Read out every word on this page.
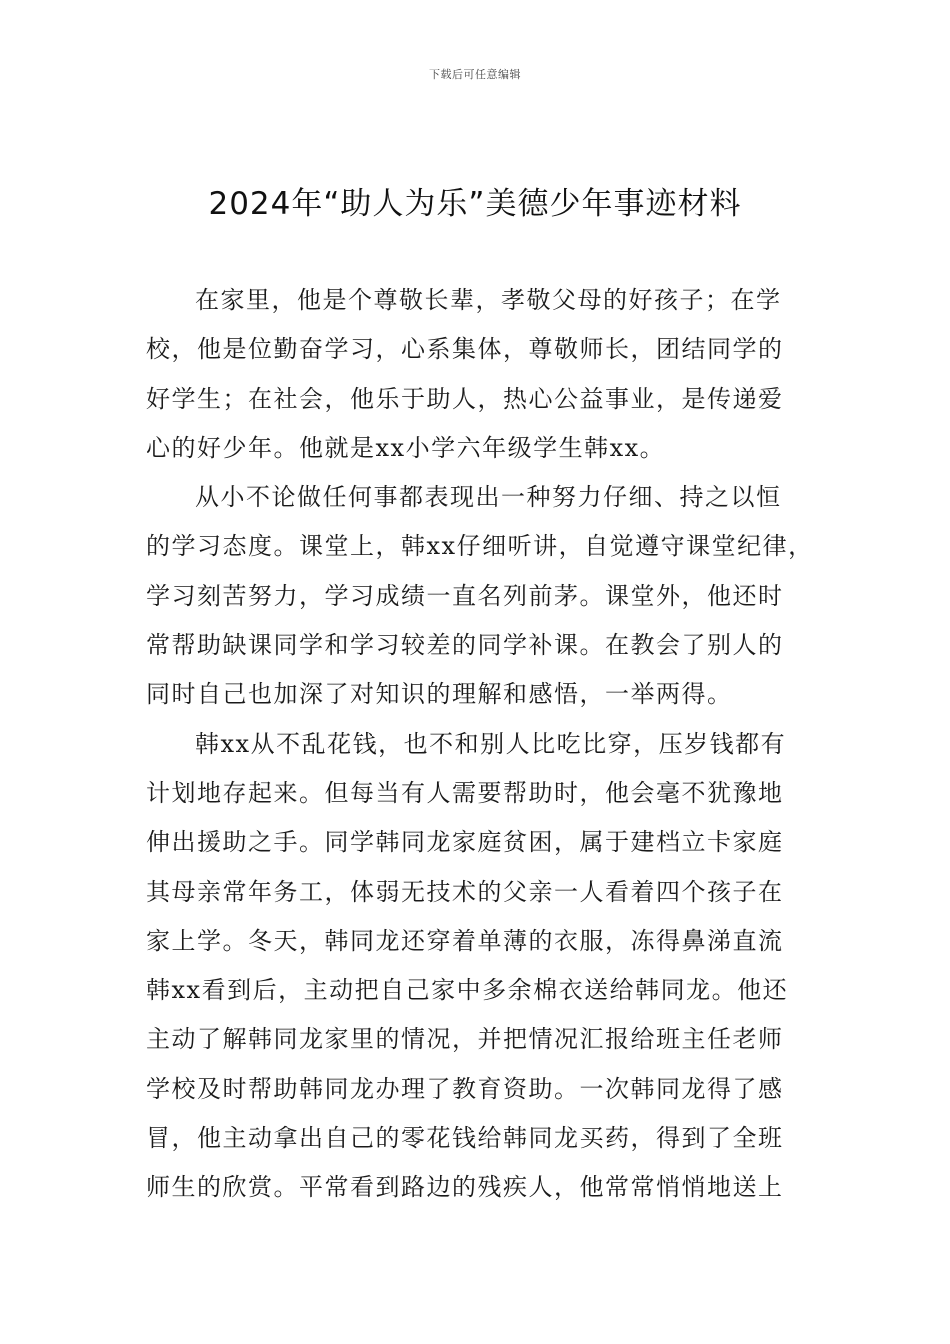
下载后可任意编辑
2024年“助人为乐”美德少年事迹材料
在家里，他是个尊敬长辈，孝敬父母的好孩子；在学
校，他是位勤奋学习，心系集体，尊敬师长，团结同学的
好学生；在社会，他乐于助人，热心公益事业，是传递爱
心的好少年。他就是xx小学六年级学生韩xx。
从小不论做任何事都表现出一种努力仔细、持之以恒
的学习态度。课堂上，韩xx仔细听讲，自觉遵守课堂纪律，
学习刻苦努力，学习成绩一直名列前茅。课堂外，他还时
常帮助缺课同学和学习较差的同学补课。在教会了别人的
同时自己也加深了对知识的理解和感悟，一举两得。
韩xx从不乱花钱，也不和别人比吃比穿，压岁钱都有
计划地存起来。但每当有人需要帮助时，他会毫不犹豫地
伸出援助之手。同学韩同龙家庭贫困，属于建档立卡家庭
其母亲常年务工，体弱无技术的父亲一人看着四个孩子在
家上学。冬天，韩同龙还穿着单薄的衣服，冻得鼻涕直流
韩xx看到后，主动把自己家中多余棉衣送给韩同龙。他还
主动了解韩同龙家里的情况，并把情况汇报给班主任老师
学校及时帮助韩同龙办理了教育资助。一次韩同龙得了感
冒，他主动拿出自己的零花钱给韩同龙买药，得到了全班
师生的欣赏。平常看到路边的残疾人，他常常悄悄地送上
